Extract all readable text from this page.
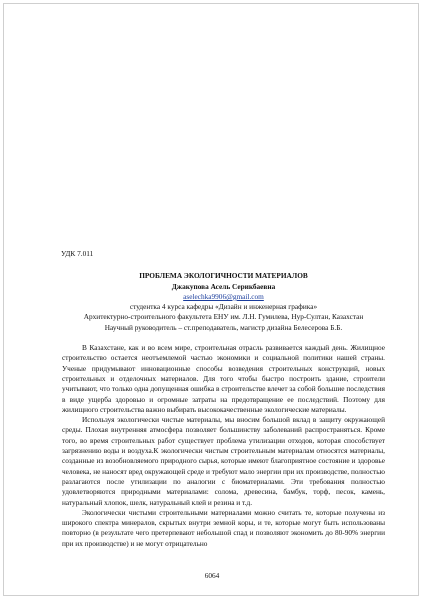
УДК 7.011

ПРОБЛЕМА ЭКОЛОГИЧНОСТИ МАТЕРИАЛОВ

Джакупова Асель Серикбаевна

aselechka9906@gmail.com

студентка 4 курса кафедры «Дизайн и инженерная графика»

Архитектурно-строительного факультета ЕНУ им. Л.Н. Гумилева, Нур-Султан, Казахстан

Научный руководитель – ст.преподаватель, магистр дизайна Белесерова Б.Б.

В Казахстане, как и во всем мире, строительная отрасль развивается каждый день. Жилищное строительство остается неотъемлемой частью экономики и социальной политики нашей страны. Ученые придумывают инновационные способы возведения строительных конструкций, новых строительных и отделочных материалов. Для того чтобы быстро построить здание, строители учитывают, что только одна допущенная ошибка в строительстве влечет за собой большие последствия в виде ущерба здоровью и огромные затраты на предотвращение ее последствий. Поэтому для жилищного строительства важно выбирать высококачественные экологические материалы.

Используя экологически чистые материалы, мы вносим большой вклад в защиту окружающей среды. Плохая внутренняя атмосфера позволяет большинству заболеваний распространяться. Кроме того, во время строительных работ существует проблема утилизации отходов, которая способствует загрязнению воды и воздуха.К экологически чистым строительным материалам относятся материалы, созданные из возобновляемого природного сырья, которые имеют благоприятное состояние и здоровье человека, не наносят вред окружающей среде и требуют мало энергии при их производстве, полностью разлагаются после утилизации по аналогии с биоматериалами. Эти требования полностью удовлетворяются природными материалами: солома, древесина, бамбук, торф, песок, камень, натуральный хлопок, шелк, натуральный клей и резина и т.д.

Экологически чистыми строительными материалами можно считать те, которые получены из широкого спектра минералов, скрытых внутри земной коры, и те, которые могут быть использованы повторно (в результате чего претерпевают небольшой спад и позволяют экономить до 80-90% энергии при их производстве) и не могут отрицательно

6064
